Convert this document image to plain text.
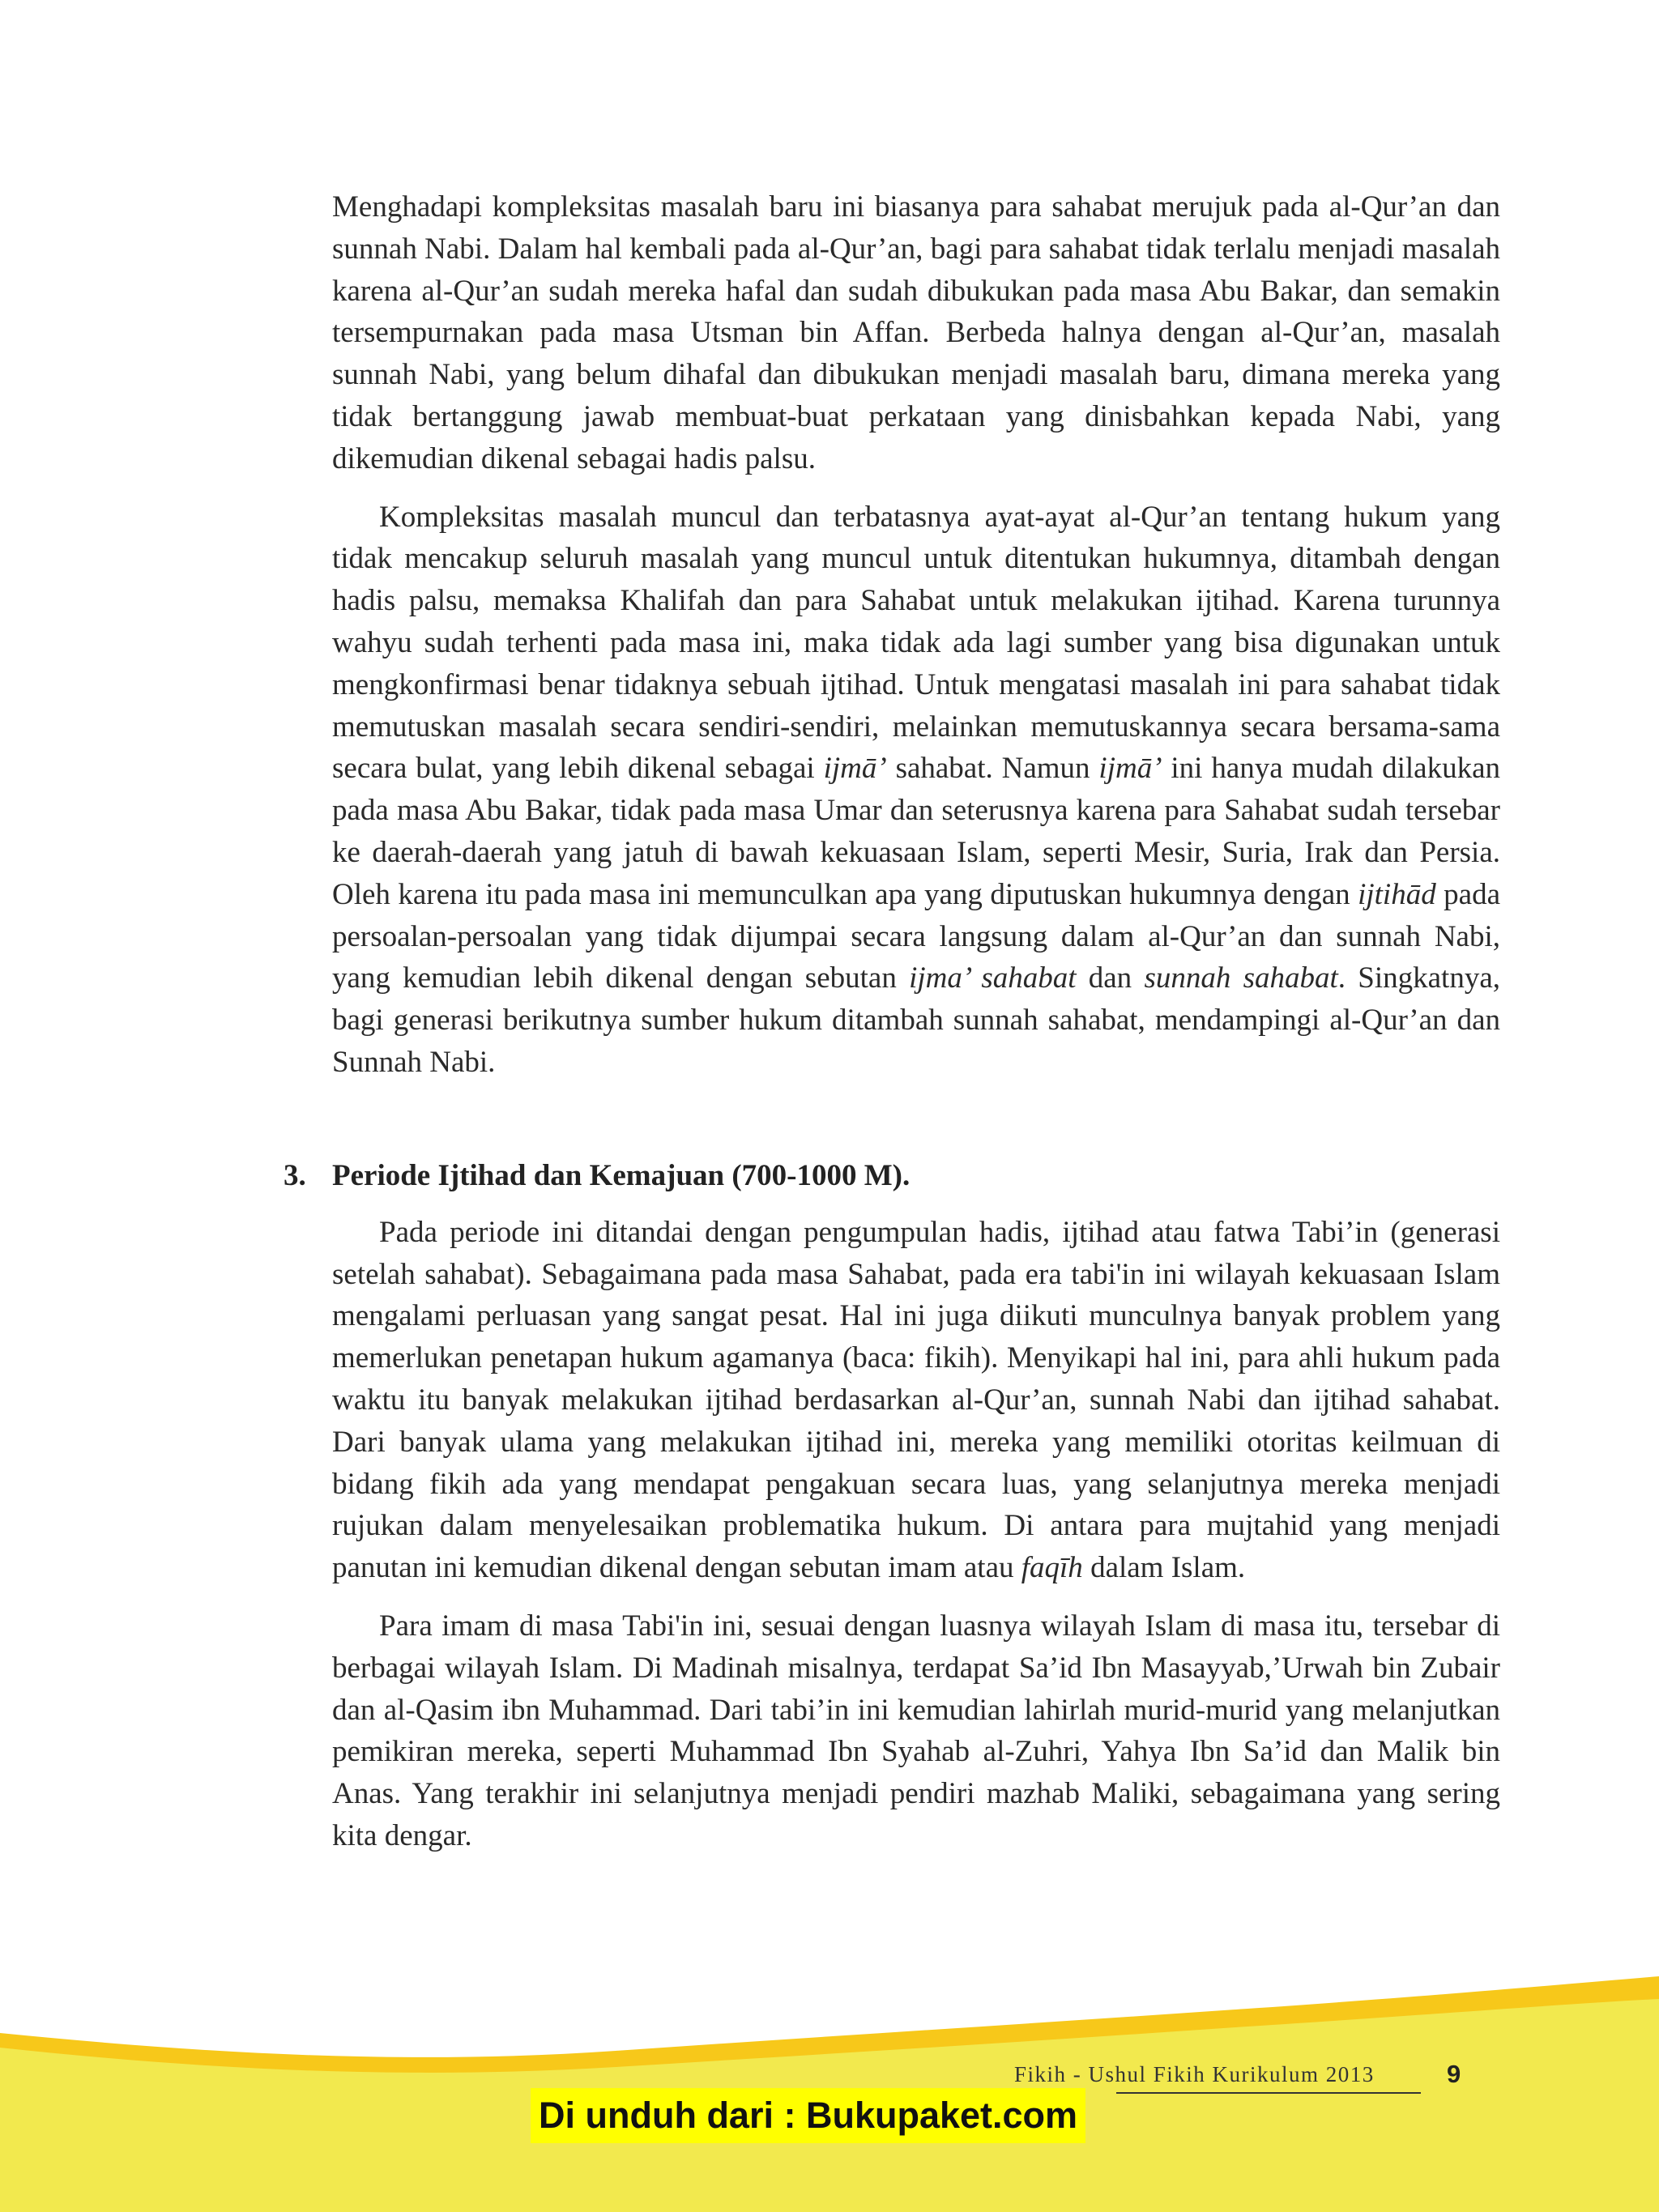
Menghadapi kompleksitas masalah baru ini biasanya para sahabat merujuk pada al-Qur’an dan sunnah Nabi. Dalam hal kembali pada al-Qur’an, bagi para sahabat tidak terlalu menjadi masalah karena al-Qur’an sudah mereka hafal dan sudah dibukukan pada masa Abu Bakar, dan semakin tersempurnakan pada masa Utsman bin Affan. Berbeda halnya dengan al-Qur’an, masalah sunnah Nabi, yang belum dihafal dan dibukukan menjadi masalah baru, dimana mereka yang tidak bertanggung jawab membuat-buat perkataan yang dinisbahkan kepada Nabi, yang dikemudian dikenal sebagai hadis palsu.

Kompleksitas masalah muncul dan terbatasnya ayat-ayat al-Qur’an tentang hukum yang tidak mencakup seluruh masalah yang muncul untuk ditentukan hukumnya, ditambah dengan hadis palsu, memaksa Khalifah dan para Sahabat untuk melakukan ijtihad. Karena turunnya wahyu sudah terhenti pada masa ini, maka tidak ada lagi sumber yang bisa digunakan untuk mengkonfirmasi benar tidaknya sebuah ijtihad. Untuk mengatasi masalah ini para sahabat tidak memutuskan masalah secara sendiri-sendiri, melainkan memutuskannya secara bersama-sama secara bulat, yang lebih dikenal sebagai ijmā’ sahabat. Namun ijmā’ ini hanya mudah dilakukan pada masa Abu Bakar, tidak pada masa Umar dan seterusnya karena para Sahabat sudah tersebar ke daerah-daerah yang jatuh di bawah kekuasaan Islam, seperti Mesir, Suria, Irak dan Persia. Oleh karena itu pada masa ini memunculkan apa yang diputuskan hukumnya dengan ijtihād pada persoalan-persoalan yang tidak dijumpai secara langsung dalam al-Qur’an dan sunnah Nabi, yang kemudian lebih dikenal dengan sebutan ijma’ sahabat dan sunnah sahabat. Singkatnya, bagi generasi berikutnya sumber hukum ditambah sunnah sahabat, mendampingi al-Qur’an dan Sunnah Nabi.

3. Periode Ijtihad dan Kemajuan (700-1000 M).

Pada periode ini ditandai dengan pengumpulan hadis, ijtihad atau fatwa Tabi’in (generasi setelah sahabat). Sebagaimana pada masa Sahabat, pada era tabi'in ini wilayah kekuasaan Islam mengalami perluasan yang sangat pesat. Hal ini juga diikuti munculnya banyak problem yang memerlukan penetapan hukum agamanya (baca: fikih). Menyikapi hal ini, para ahli hukum pada waktu itu banyak melakukan ijtihad berdasarkan al-Qur’an, sunnah Nabi dan ijtihad sahabat. Dari banyak ulama yang melakukan ijtihad ini, mereka yang memiliki otoritas keilmuan di bidang fikih ada yang mendapat pengakuan secara luas, yang selanjutnya mereka menjadi rujukan dalam menyelesaikan problematika hukum. Di antara para mujtahid yang menjadi panutan ini kemudian dikenal dengan sebutan imam atau faqīh dalam Islam.

Para imam di masa Tabi'in ini, sesuai dengan luasnya wilayah Islam di masa itu, tersebar di berbagai wilayah Islam. Di Madinah misalnya, terdapat Sa’id Ibn Masayyab,’Urwah bin Zubair dan al-Qasim ibn Muhammad. Dari tabi’in ini kemudian lahirlah murid-murid yang melanjutkan pemikiran mereka, seperti Muhammad Ibn Syahab al-Zuhri, Yahya Ibn Sa’id dan Malik bin Anas. Yang terakhir ini selanjutnya menjadi pendiri mazhab Maliki, sebagaimana yang sering kita dengar.

Fikih - Ushul Fikih Kurikulum 2013	9
Di unduh dari : Bukupaket.com
